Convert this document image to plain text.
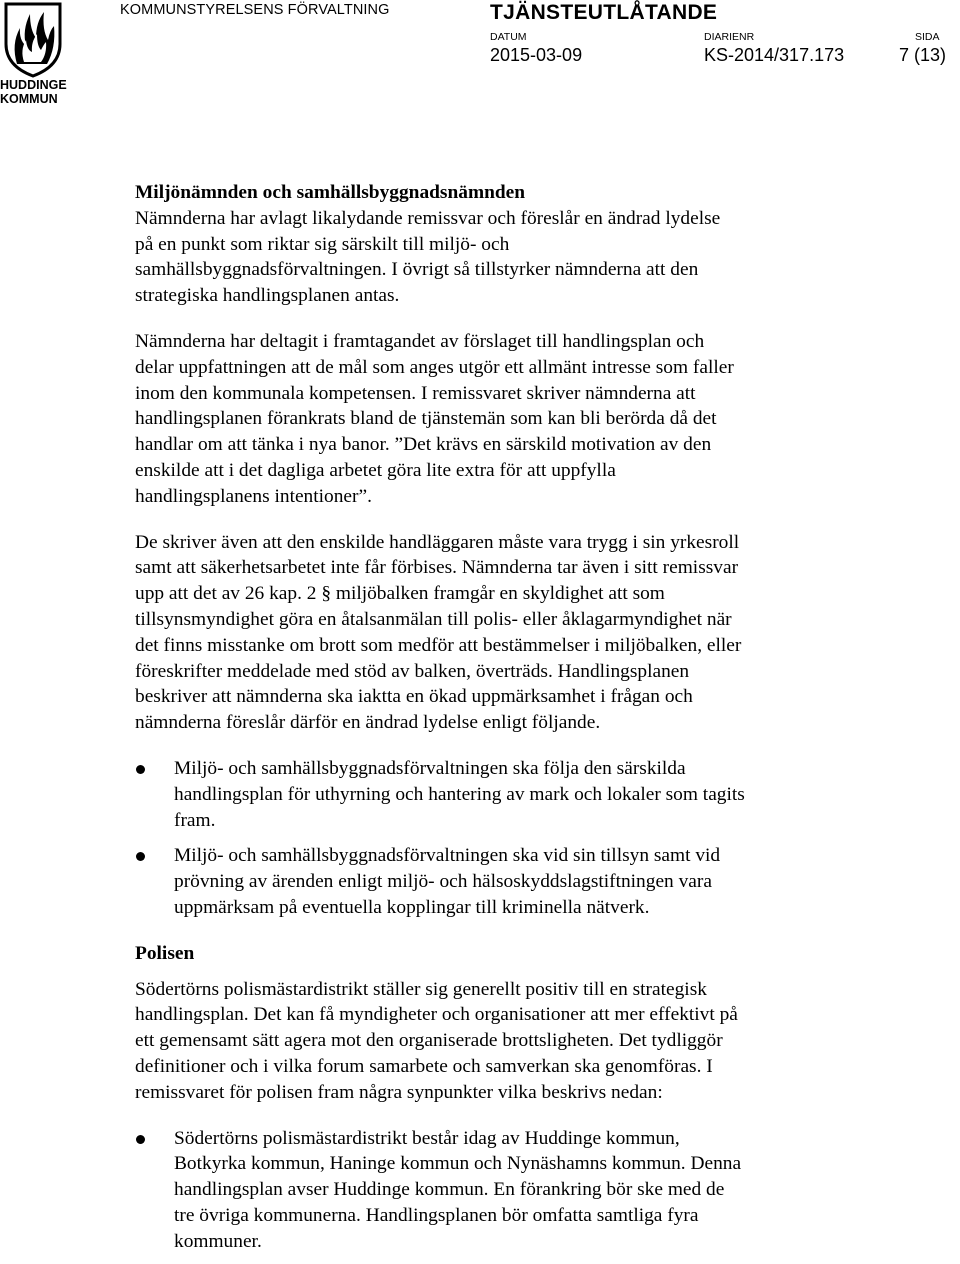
HUDDINGE
KOMMUN
KOMMUNSTYRELSENS FÖRVALTNING	TJÄNSTEUTLÅTANDE
DATUM
2015-03-09
DIARIENR
KS-2014/317.173
SIDA
7 (13)

Miljönämnden och samhällsbyggnadsnämnden

Nämnderna har avlagt likalydande remissvar och föreslår en ändrad lydelse
på en punkt som riktar sig särskilt till miljö- och
samhällsbyggnadsförvaltningen. I övrigt så tillstyrker nämnderna att den
strategiska handlingsplanen antas.

Nämnderna har deltagit i framtagandet av förslaget till handlingsplan och
delar uppfattningen att de mål som anges utgör ett allmänt intresse som faller
inom den kommunala kompetensen. I remissvaret skriver nämnderna att
handlingsplanen förankrats bland de tjänstemän som kan bli berörda då det
handlar om att tänka i nya banor. ”Det krävs en särskild motivation av den
enskilde att i det dagliga arbetet göra lite extra för att uppfylla
handlingsplanens intentioner”.

De skriver även att den enskilde handläggaren måste vara trygg i sin yrkesroll
samt att säkerhetsarbetet inte får förbises. Nämnderna tar även i sitt remissvar
upp att det av 26 kap. 2 § miljöbalken framgår en skyldighet att som
tillsynsmyndighet göra en åtalsanmälan till polis- eller åklagarmyndighet när
det finns misstanke om brott som medför att bestämmelser i miljöbalken, eller
föreskrifter meddelade med stöd av balken, överträds. Handlingsplanen
beskriver att nämnderna ska iaktta en ökad uppmärksamhet i frågan och
nämnderna föreslår därför en ändrad lydelse enligt följande.

Miljö- och samhällsbyggnadsförvaltningen ska följa den särskilda
handlingsplan för uthyrning och hantering av mark och lokaler som tagits
fram.
Miljö- och samhällsbyggnadsförvaltningen ska vid sin tillsyn samt vid
prövning av ärenden enligt miljö- och hälsoskyddslagstiftningen vara
uppmärksam på eventuella kopplingar till kriminella nätverk.

Polisen

Södertörns polismästardistrikt ställer sig generellt positiv till en strategisk
handlingsplan. Det kan få myndigheter och organisationer att mer effektivt på
ett gemensamt sätt agera mot den organiserade brottsligheten. Det tydliggör
definitioner och i vilka forum samarbete och samverkan ska genomföras. I
remissvaret för polisen fram några synpunkter vilka beskrivs nedan:

Södertörns polismästardistrikt består idag av Huddinge kommun,
Botkyrka kommun, Haninge kommun och Nynäshamns kommun. Denna
handlingsplan avser Huddinge kommun. En förankring bör ske med de
tre övriga kommunerna. Handlingsplanen bör omfatta samtliga fyra
kommuner.
